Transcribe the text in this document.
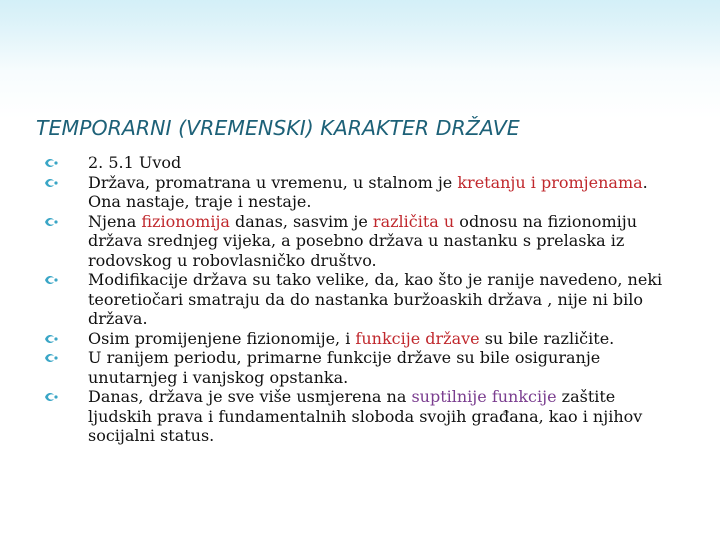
TEMPORARNI (VREMENSKI) KARAKTER DRŽAVE
2. 5.1 Uvod
Država, promatrana u vremenu, u stalnom je kretanju i promjenama.
Ona nastaje, traje i nestaje.
Njena fizionomija danas, sasvim je različita u odnosu na fizionomiju
država srednjeg vijeka, a posebno država u nastanku s prelaska iz
rodovskog u robovlasničko društvo.
Modifikacije država su tako velike, da, kao što je ranije navedeno, neki
teoretiočari smatraju da do nastanka buržoaskih država , nije ni bilo
država.
Osim promijenjene fizionomije, i funkcije države su bile različite.
U ranijem periodu, primarne funkcije države su bile osiguranje
unutarnjeg i vanjskog opstanka.
Danas, država je sve više usmjerena na suptilnije funkcije zaštite
ljudskih prava i fundamentalnih sloboda svojih građana, kao i njihov
socijalni status.
